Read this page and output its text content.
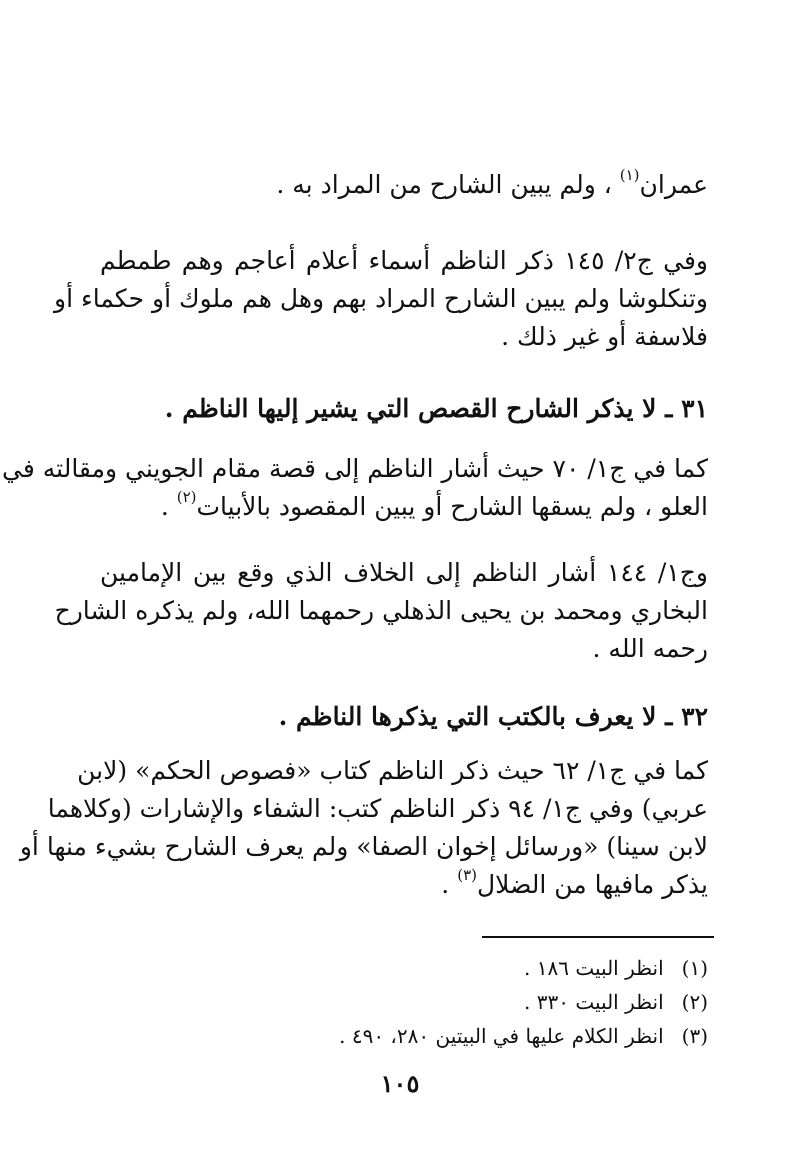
عمران$^{(١)}$ ، ولم يبين الشارح من المراد به .
وفي ج٢/ ١٤٥ ذكر الناظم أسماء أعلام أعاجم وهم طمطم
وتنكلوشا ولم يبين الشارح المراد بهم وهل هم ملوك أو حكماء أو
فلاسفة أو غير ذلك .
٣١ ـ لا يذكر الشارح القصص التي يشير إليها الناظم .
كما في ج١/ ٧٠ حيث أشار الناظم إلى قصة مقام الجويني ومقالته في
العلو ، ولم يسقها الشارح أو يبين المقصود بالأبيات$^{(٢)}$ .
وج١/ ١٤٤ أشار الناظم إلى الخلاف الذي وقع بين الإمامين
البخاري ومحمد بن يحيى الذهلي رحمهما الله، ولم يذكره الشارح
رحمه الله .
٣٢ ـ لا يعرف بالكتب التي يذكرها الناظم .
كما في ج١/ ٦٢ حيث ذكر الناظم كتاب «فصوص الحكم» (لابن
عربي) وفي ج١/ ٩٤ ذكر الناظم كتب: الشفاء والإشارات (وكلاهما
لابن سينا) «ورسائل إخوان الصفا» ولم يعرف الشارح بشيء منها أو
يذكر مافيها من الضلال$^{(٣)}$ .
(١) انظر البيت ١٨٦ .
(٢) انظر البيت ٣٣٠ .
(٣) انظر الكلام عليها في البيتين ٢٨٠، ٤٩٠ .
١٠٥
